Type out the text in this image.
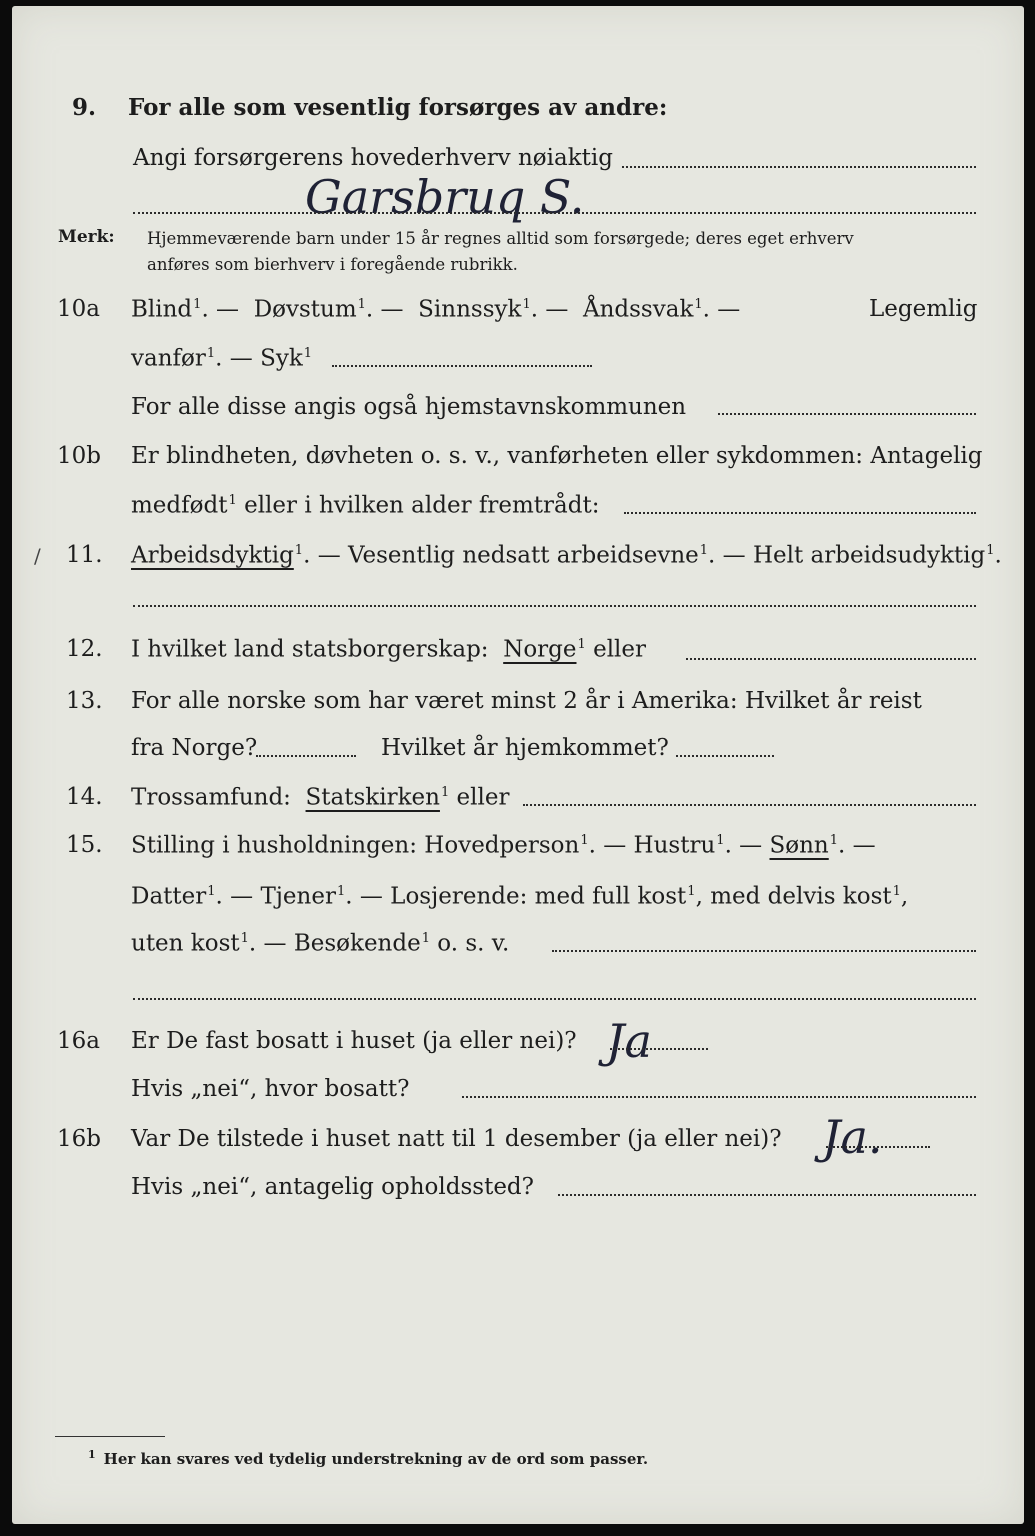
9. For alle som vesentlig forsørges av andre:
Angi forsørgerens hovederhverv nøiaktig
Garsbruq S.
Merk: Hjemmeværende barn under 15 år regnes alltid som forsørgede; deres eget erhverv
anføres som bierhverv i foregående rubrikk.
10a Blind$^1$. — Døvstum$^1$. — Sinnssyk$^1$. — Åndssvak$^1$. —	Legemlig
vanfør$^1$. — Syk$^1$
For alle disse angis også hjemstavnskommunen
10b Er blindheten, døvheten o. s. v., vanførheten eller sykdommen: Antagelig
medfødt$^1$ eller i hvilken alder fremtrådt:
/ 11. Arbeidsdyktig$^1$. — Vesentlig nedsatt arbeidsevne$^1$. — Helt arbeidsudyktig$^1$.
12. I hvilket land statsborgerskap: Norge$^1$ eller
13. For alle norske som har været minst 2 år i Amerika: Hvilket år reist
fra Norge?	Hvilket år hjemkommet?
14. Trossamfund: Statskirken$^1$ eller
15. Stilling i husholdningen: Hovedperson$^1$. — Hustru$^1$. — Sønn$^1$. —
Datter$^1$. — Tjener$^1$. — Losjerende: med full kost$^1$, med delvis kost$^1$,
uten kost$^1$. — Besøkende$^1$ o. s. v.
16a Er De fast bosatt i huset (ja eller nei)? Ja
Hvis „nei“, hvor bosatt?
16b Var De tilstede i huset natt til 1 desember (ja eller nei)? Ja.
Hvis „nei“, antagelig opholdssted?
$^1$ Her kan svares ved tydelig understrekning av de ord som passer.
